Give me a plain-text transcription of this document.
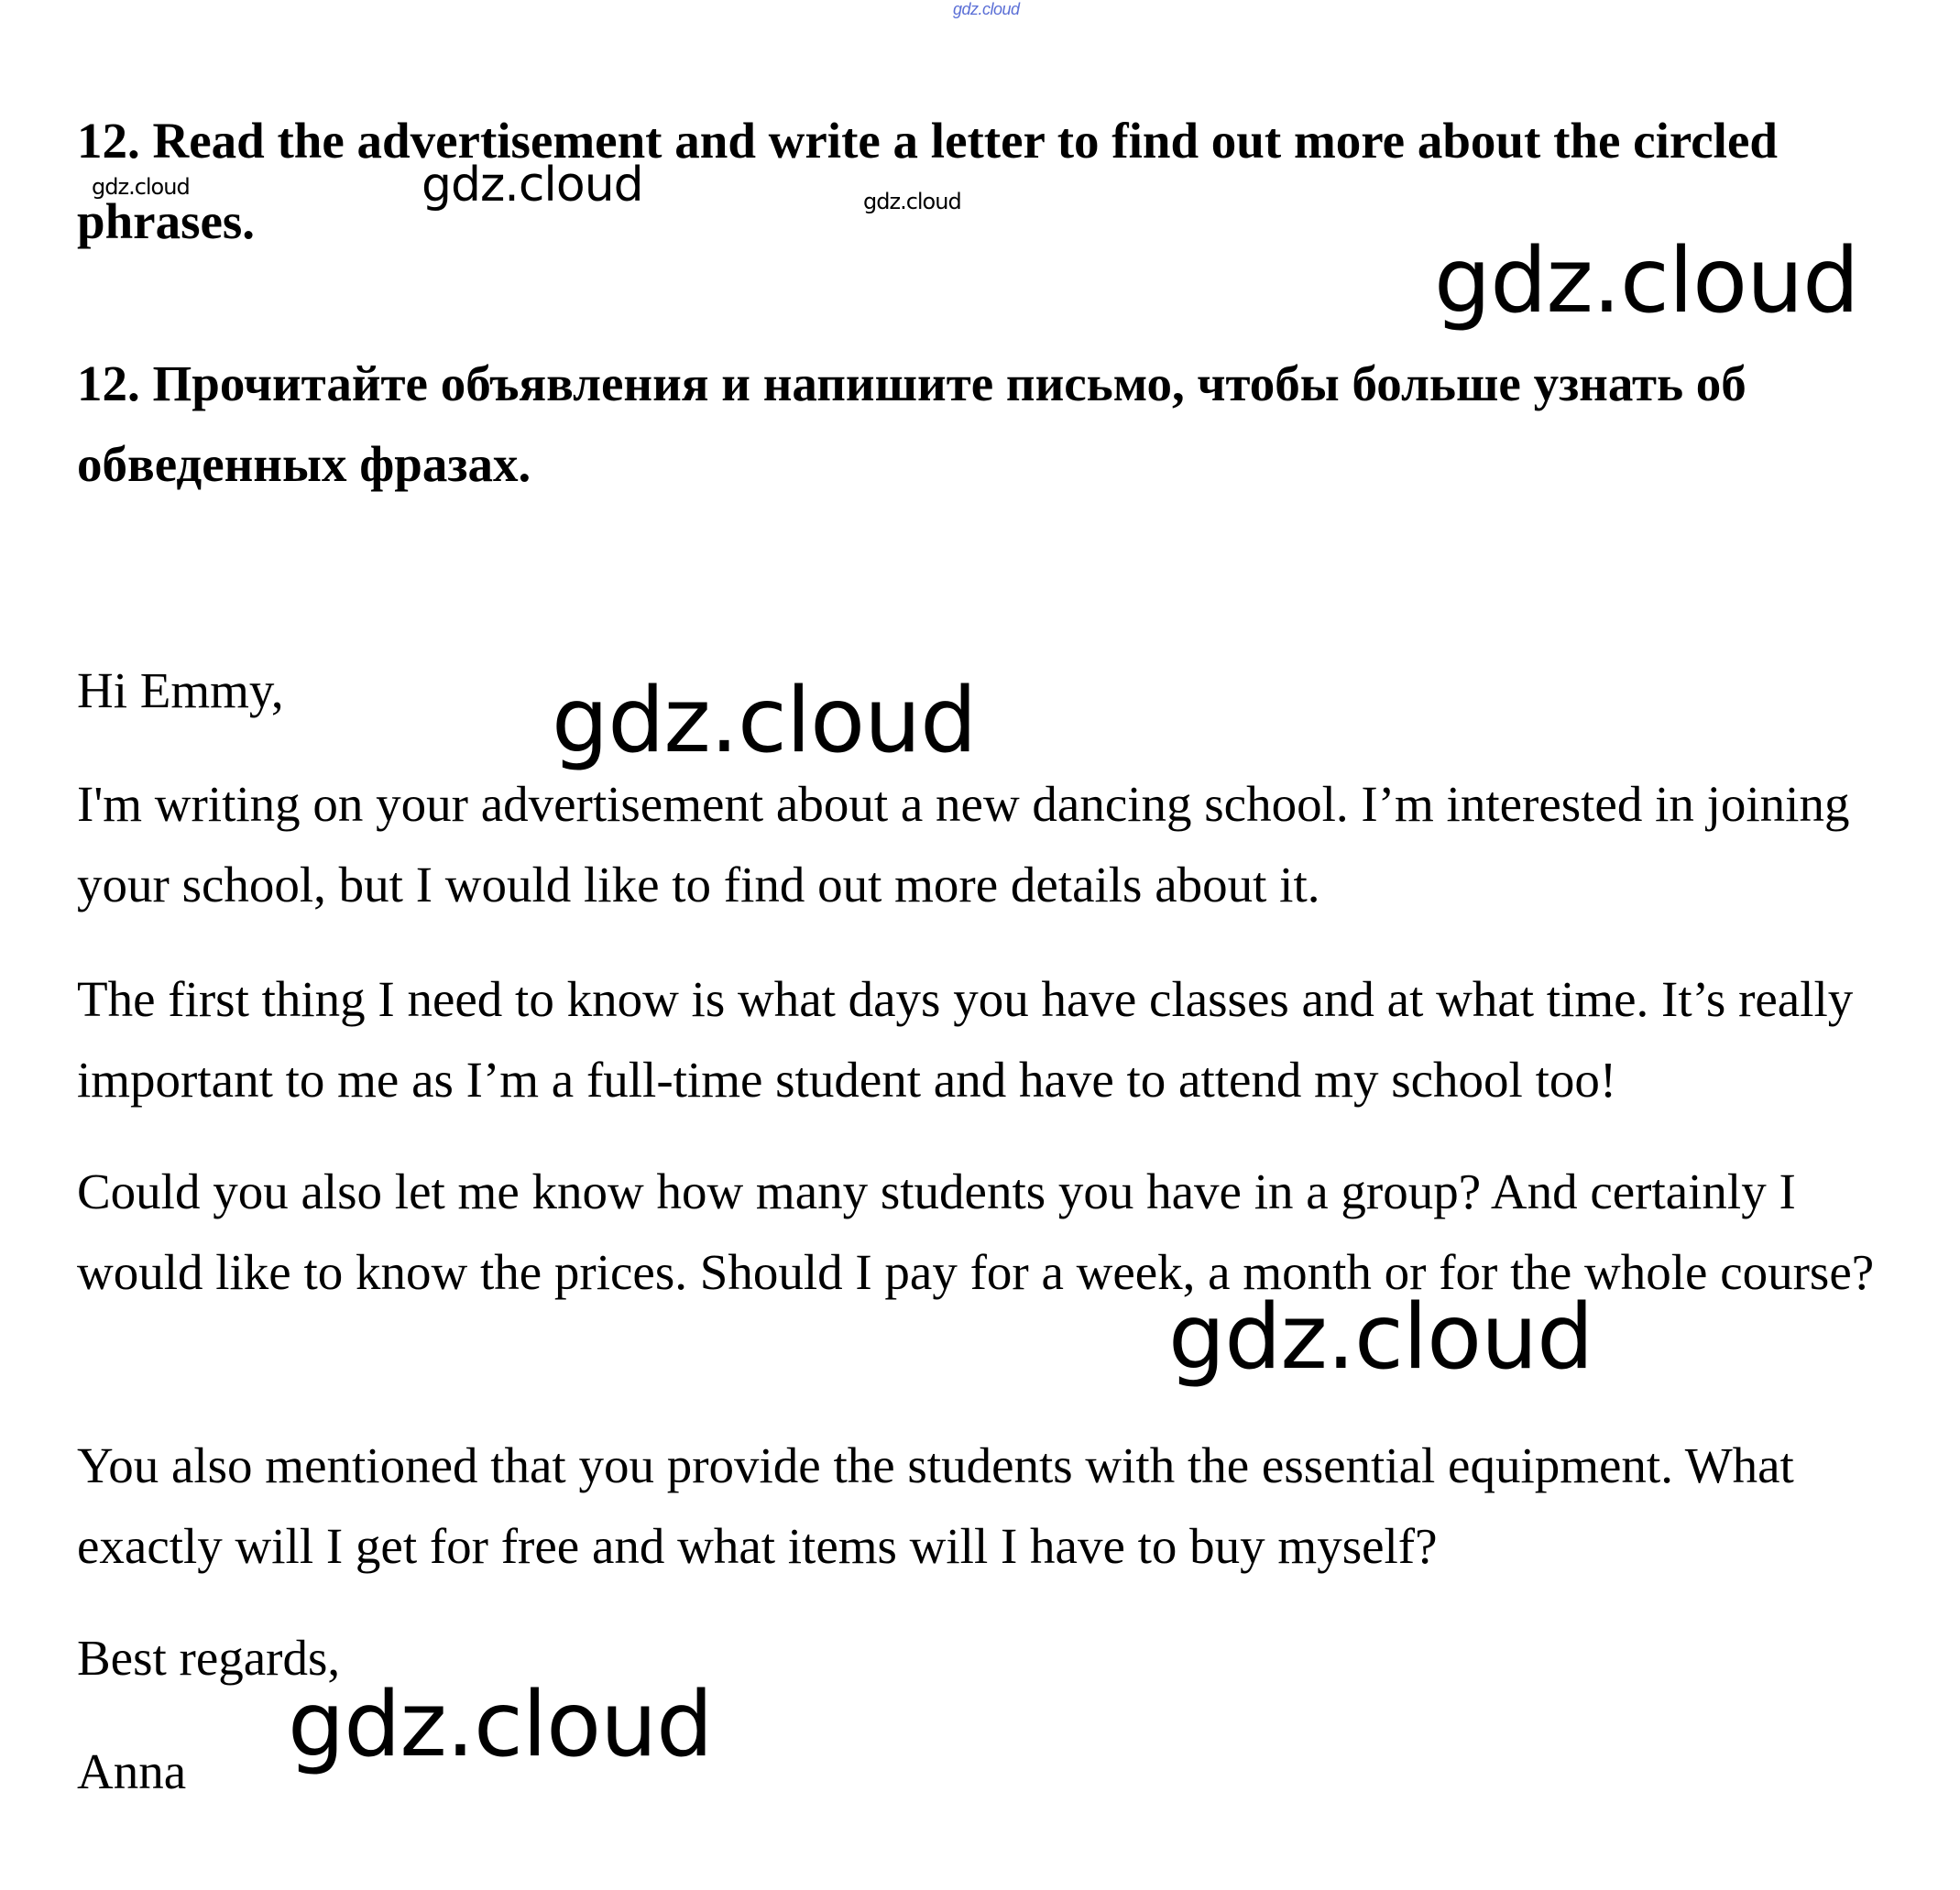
gdz.cloud

12. Read the advertisement and write a letter to find out more about the circled phrases.

12. Прочитайте объявления и напишите письмо, чтобы больше узнать об обведенных фразах.

Hi Emmy,

I'm writing on your advertisement about a new dancing school. I’m interested in joining your school, but I would like to find out more details about it.

The first thing I need to know is what days you have classes and at what time. It’s really important to me as I’m a full-time student and have to attend my school too!

Could you also let me know how many students you have in a group? And certainly I would like to know the prices. Should I pay for a week, a month or for the whole course?

You also mentioned that you provide the students with the essential equipment. What exactly will I get for free and what items will I have to buy myself?

Best regards,

Anna

gdz.cloud	gdz.cloud	gdz.cloud
gdz.cloud
gdz.cloud
gdz.cloud
gdz.cloud
